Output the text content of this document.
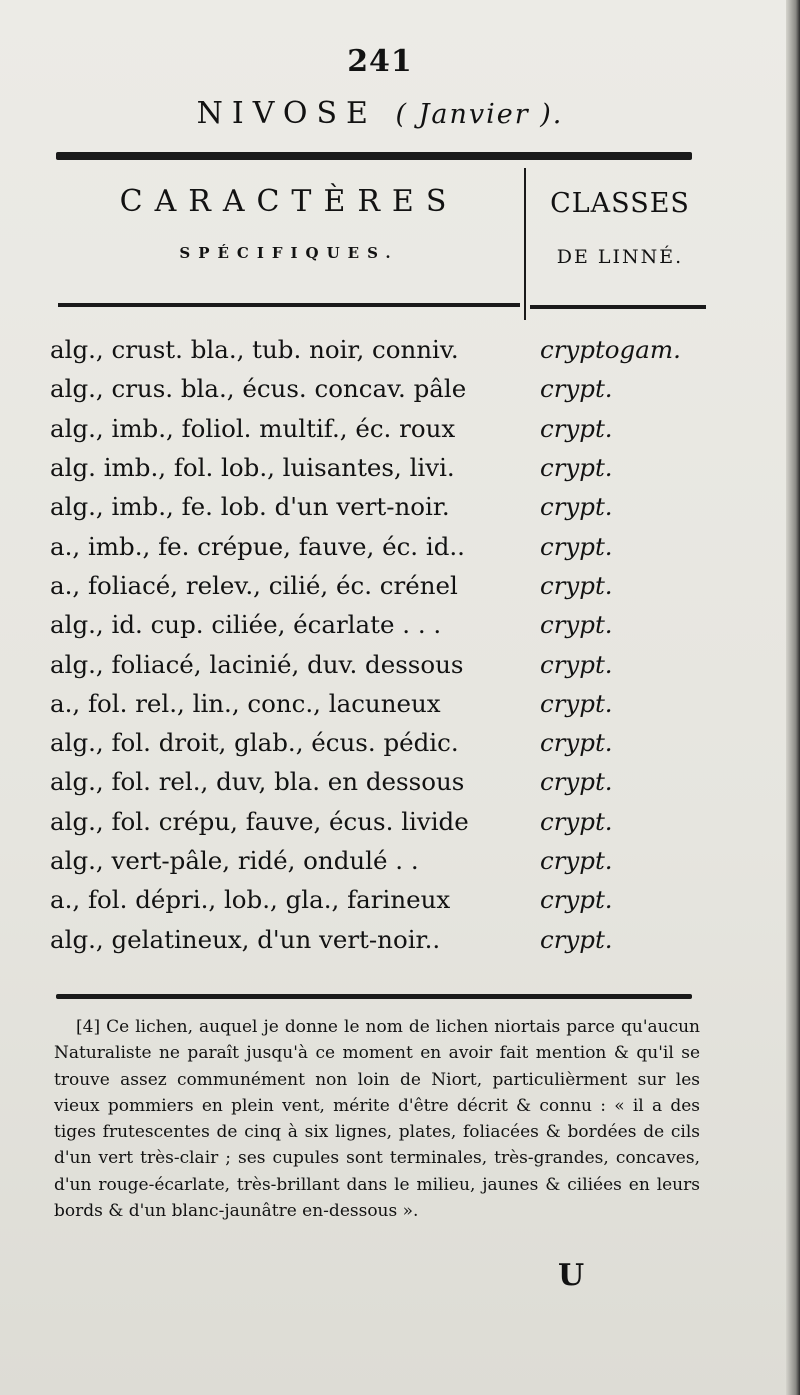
241
NIVOSE ( Janvier ).
CARACTÈRES
SPÉCIFIQUES.
CLASSES
DE LINNÉ.
alg., crust. bla., tub. noir, conniv.	cryptogam.
alg., crus. bla., écus. concav. pâle	crypt.
alg., imb., foliol. multif., éc. roux	crypt.
alg. imb., fol. lob., luisantes, livi.	crypt.
alg., imb., fe. lob. d'un vert-noir.	crypt.
a., imb., fe. crépue, fauve, éc. id..	crypt.
a., foliacé, relev., cilié, éc. crénel	crypt.
alg., id. cup. ciliée, écarlate . . .	crypt.
alg., foliacé, lacinié, duv. dessous	crypt.
a., fol. rel., lin., conc., lacuneux	crypt.
alg., fol. droit, glab., écus. pédic.	crypt.
alg., fol. rel., duv, bla. en dessous	crypt.
alg., fol. crépu, fauve, écus. livide	crypt.
alg., vert-pâle, ridé, ondulé . .	crypt.
a., fol. dépri., lob., gla., farineux	crypt.
alg., gelatineux, d'un vert-noir..	crypt.

[4] Ce lichen, auquel je donne le nom de lichen niortais parce qu'aucun Naturaliste ne paraît jusqu'à ce moment en avoir fait mention & qu'il se trouve assez communément non loin de Niort, particulièrment sur les vieux pommiers en plein vent, mérite d'être décrit & connu : « il a des tiges frutescentes de cinq à six lignes, plates, foliacées & bordées de cils d'un vert très-clair ; ses cupules sont terminales, très-grandes, concaves, d'un rouge-écarlate, très-brillant dans le milieu, jaunes & ciliées en leurs bords & d'un blanc-jaunâtre en-dessous ».

U
